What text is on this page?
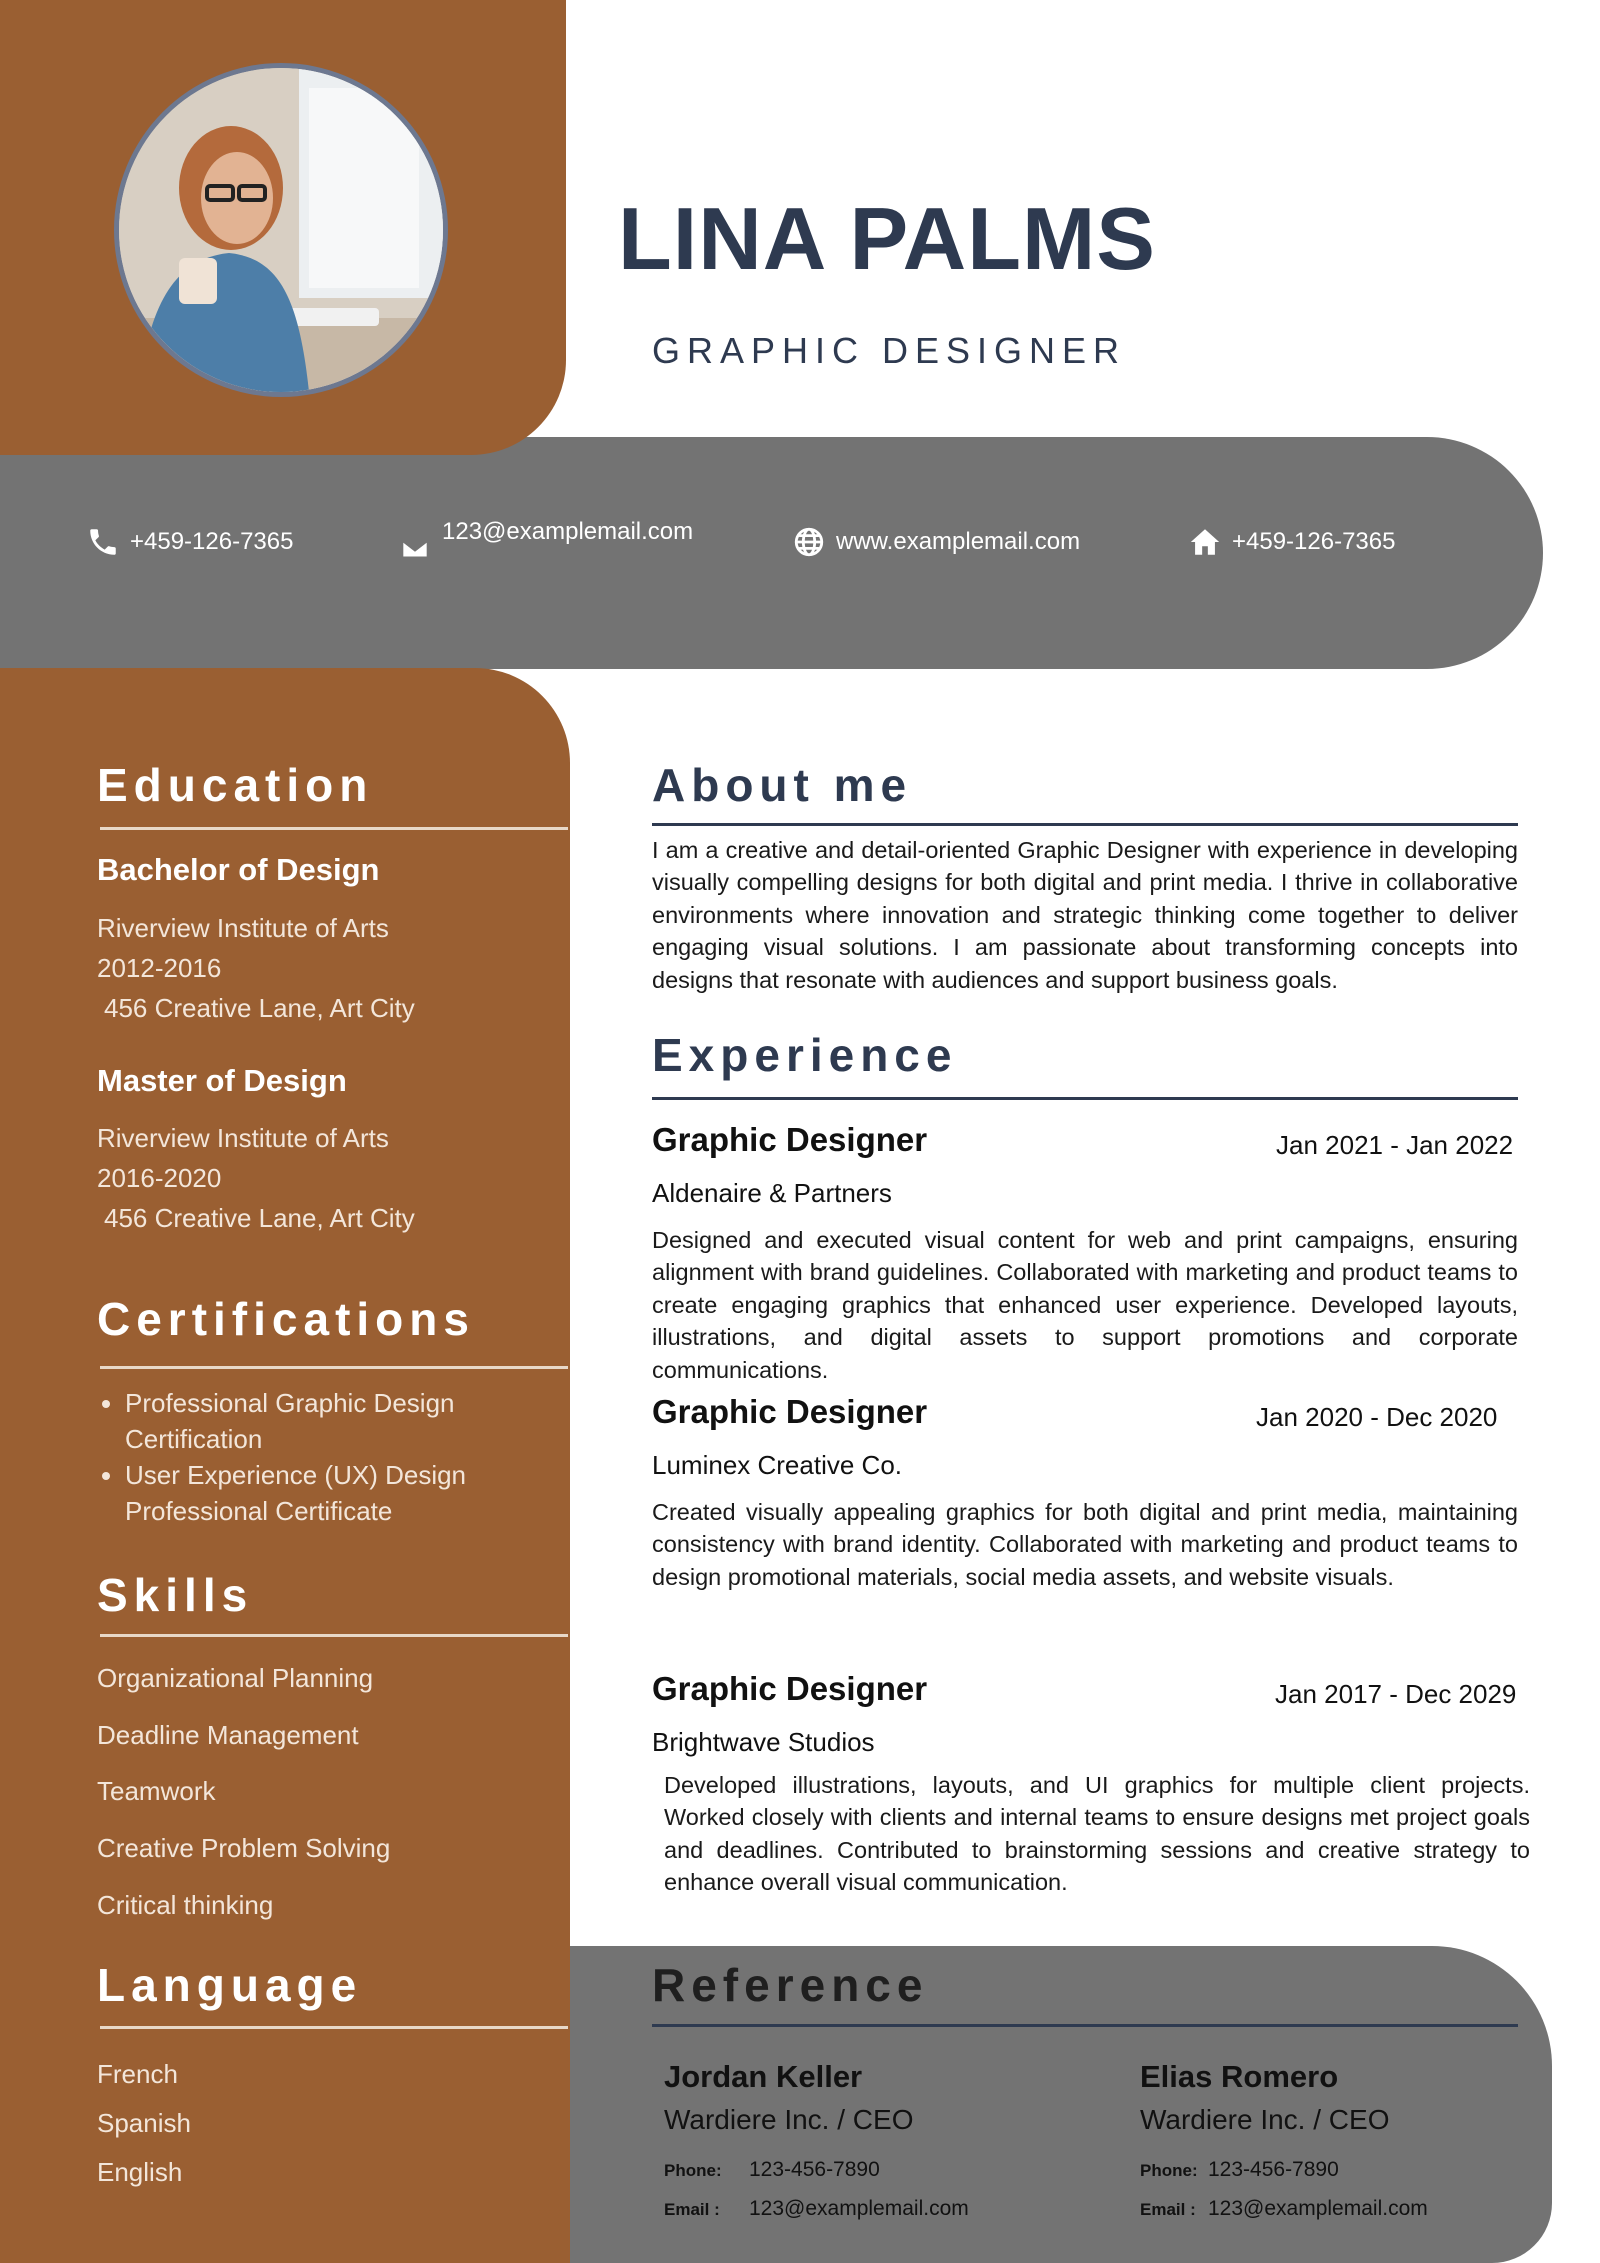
LINA PALMS
GRAPHIC DESIGNER
+459-126-7365	123@examplemail.com	www.examplemail.com	+459-126-7365
Education
Bachelor of Design
Riverview Institute of Arts
2012-2016
456 Creative Lane, Art City
Master of Design
Riverview Institute of Arts
2016-2020
456 Creative Lane, Art City
Certifications
• Professional Graphic Design Certification
• User Experience (UX) Design Professional Certificate
Skills
Organizational Planning
Deadline Management
Teamwork
Creative Problem Solving
Critical thinking
Language
French
Spanish
English
About me
I am a creative and detail-oriented Graphic Designer with experience in developing visually compelling designs for both digital and print media. I thrive in collaborative environments where innovation and strategic thinking come together to deliver engaging visual solutions. I am passionate about transforming concepts into designs that resonate with audiences and support business goals.
Experience
Graphic Designer	Jan 2021 - Jan 2022
Aldenaire & Partners
Designed and executed visual content for web and print campaigns, ensuring alignment with brand guidelines. Collaborated with marketing and product teams to create engaging graphics that enhanced user experience. Developed layouts, illustrations, and digital assets to support promotions and corporate communications.
Graphic Designer	Jan 2020 - Dec 2020
Luminex Creative Co.
Created visually appealing graphics for both digital and print media, maintaining consistency with brand identity. Collaborated with marketing and product teams to design promotional materials, social media assets, and website visuals.
Graphic Designer	Jan 2017 - Dec 2029
Brightwave Studios
Developed illustrations, layouts, and UI graphics for multiple client projects. Worked closely with clients and internal teams to ensure designs met project goals and deadlines. Contributed to brainstorming sessions and creative strategy to enhance overall visual communication.
Reference
Jordan Keller
Wardiere Inc. / CEO
Phone: 123-456-7890
Email : 123@examplemail.com
Elias Romero
Wardiere Inc. / CEO
Phone: 123-456-7890
Email : 123@examplemail.com
